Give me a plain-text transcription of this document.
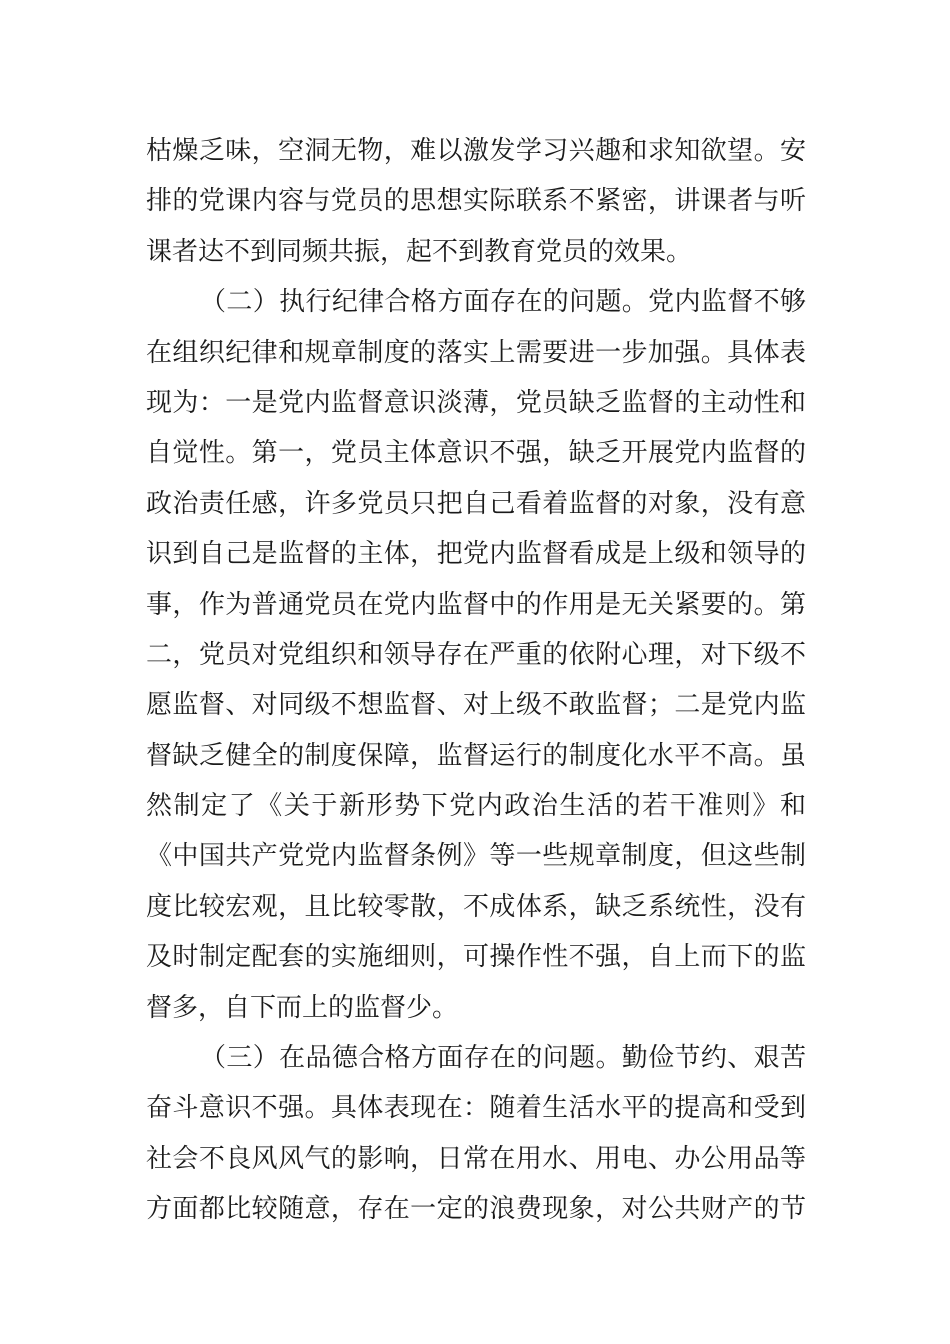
枯燥乏味，空洞无物，难以激发学习兴趣和求知欲望。安
排的党课内容与党员的思想实际联系不紧密，讲课者与听
课者达不到同频共振，起不到教育党员的效果。
（二）执行纪律合格方面存在的问题。党内监督不够
在组织纪律和规章制度的落实上需要进一步加强。具体表
现为：一是党内监督意识淡薄，党员缺乏监督的主动性和
自觉性。第一，党员主体意识不强，缺乏开展党内监督的
政治责任感，许多党员只把自己看着监督的对象，没有意
识到自己是监督的主体，把党内监督看成是上级和领导的
事，作为普通党员在党内监督中的作用是无关紧要的。第
二，党员对党组织和领导存在严重的依附心理，对下级不
愿监督、对同级不想监督、对上级不敢监督；二是党内监
督缺乏健全的制度保障，监督运行的制度化水平不高。虽
然制定了《关于新形势下党内政治生活的若干准则》和
《中国共产党党内监督条例》等一些规章制度，但这些制
度比较宏观，且比较零散，不成体系，缺乏系统性，没有
及时制定配套的实施细则，可操作性不强，自上而下的监
督多，自下而上的监督少。
（三）在品德合格方面存在的问题。勤俭节约、艰苦
奋斗意识不强。具体表现在：随着生活水平的提高和受到
社会不良风风气的影响，日常在用水、用电、办公用品等
方面都比较随意，存在一定的浪费现象，对公共财产的节
